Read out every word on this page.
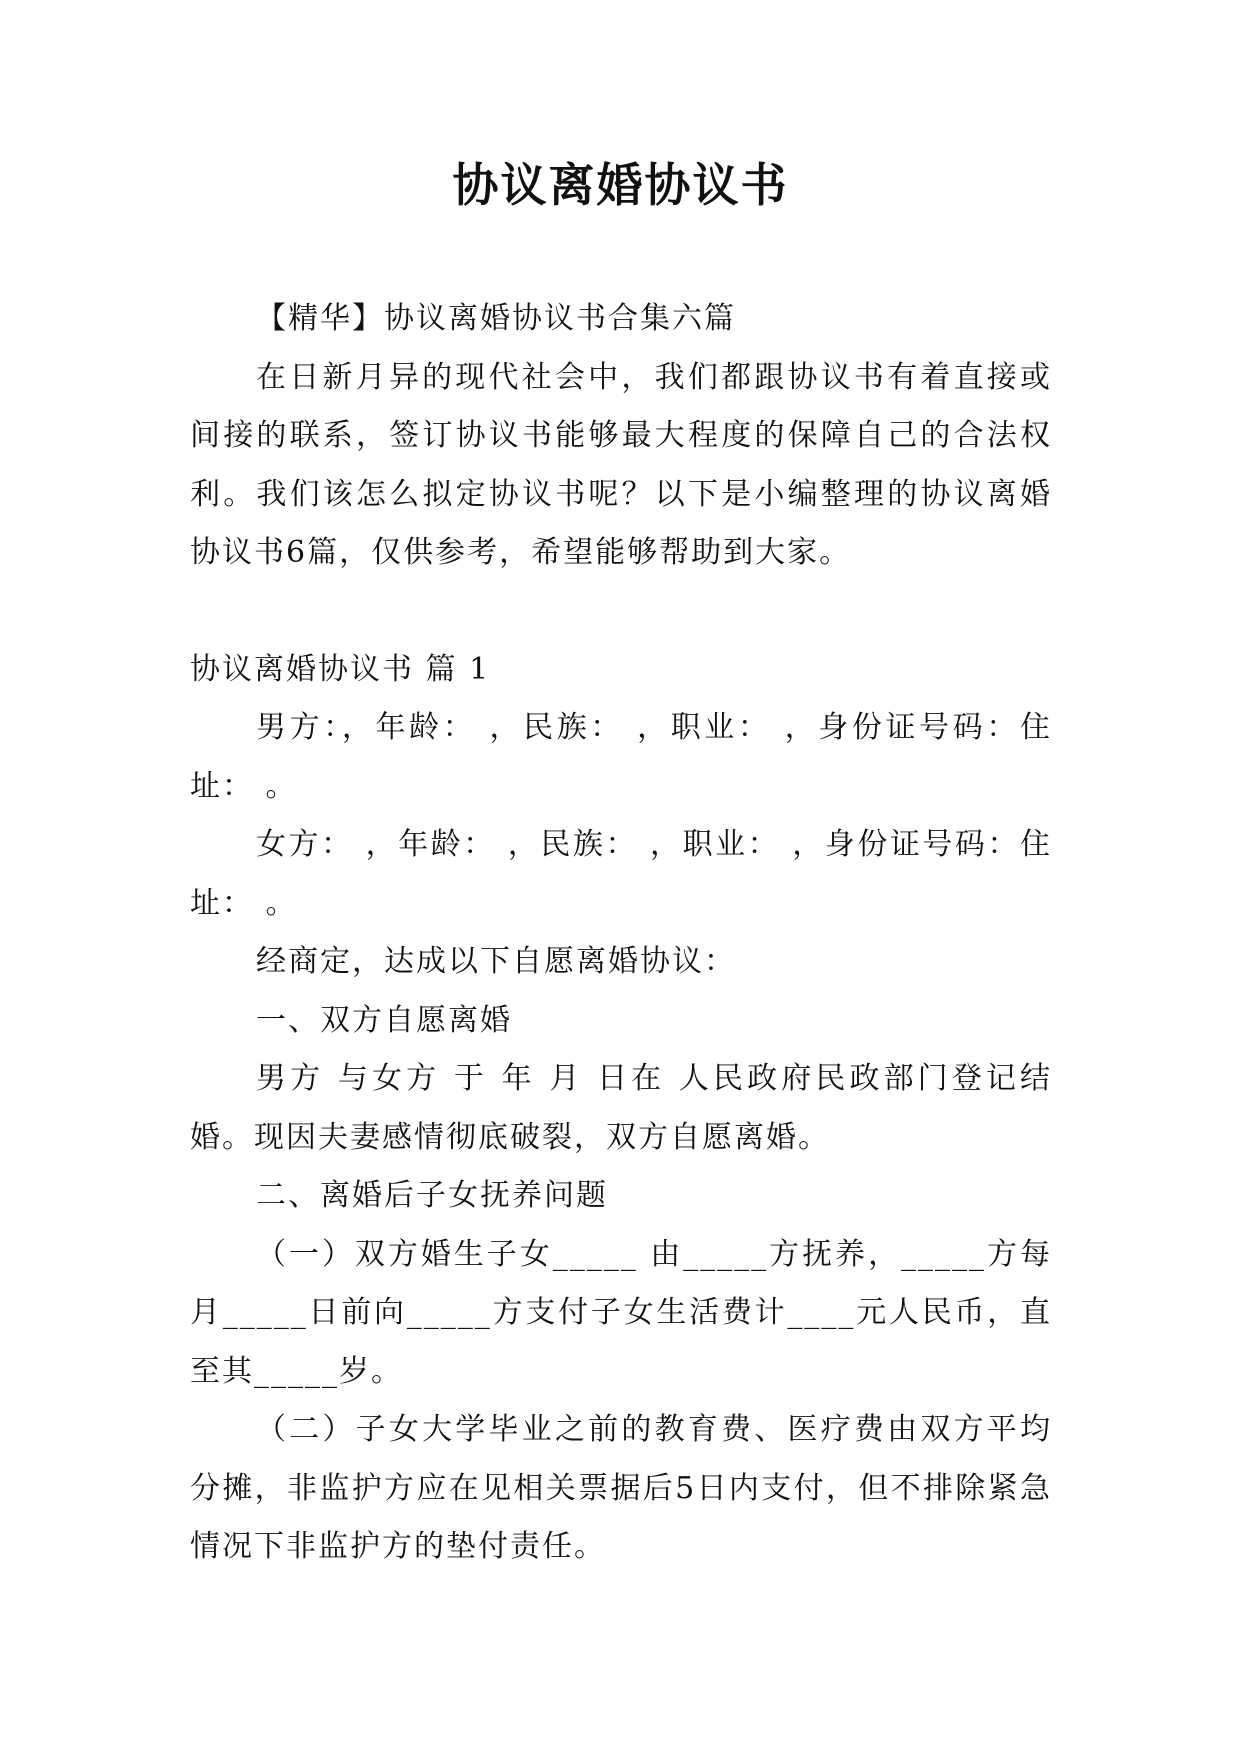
协议离婚协议书

【精华】协议离婚协议书合集六篇

在日新月异的现代社会中，我们都跟协议书有着直接或间接的联系，签订协议书能够最大程度的保障自己的合法权利。我们该怎么拟定协议书呢？以下是小编整理的协议离婚协议书6篇，仅供参考，希望能够帮助到大家。

协议离婚协议书 篇 1

男方：，年龄： ，民族： ，职业： ，身份证号码：住址： 。

女方： ，年龄： ，民族： ，职业： ，身份证号码：住址： 。

经商定，达成以下自愿离婚协议：

一、双方自愿离婚

男方 与女方 于 年 月 日在 人民政府民政部门登记结婚。现因夫妻感情彻底破裂，双方自愿离婚。

二、离婚后子女抚养问题

（一）双方婚生子女_____ 由_____方抚养，_____方每月_____日前向_____方支付子女生活费计____元人民币，直至其_____岁。

（二）子女大学毕业之前的教育费、医疗费由双方平均分摊，非监护方应在见相关票据后5日内支付，但不排除紧急情况下非监护方的垫付责任。
